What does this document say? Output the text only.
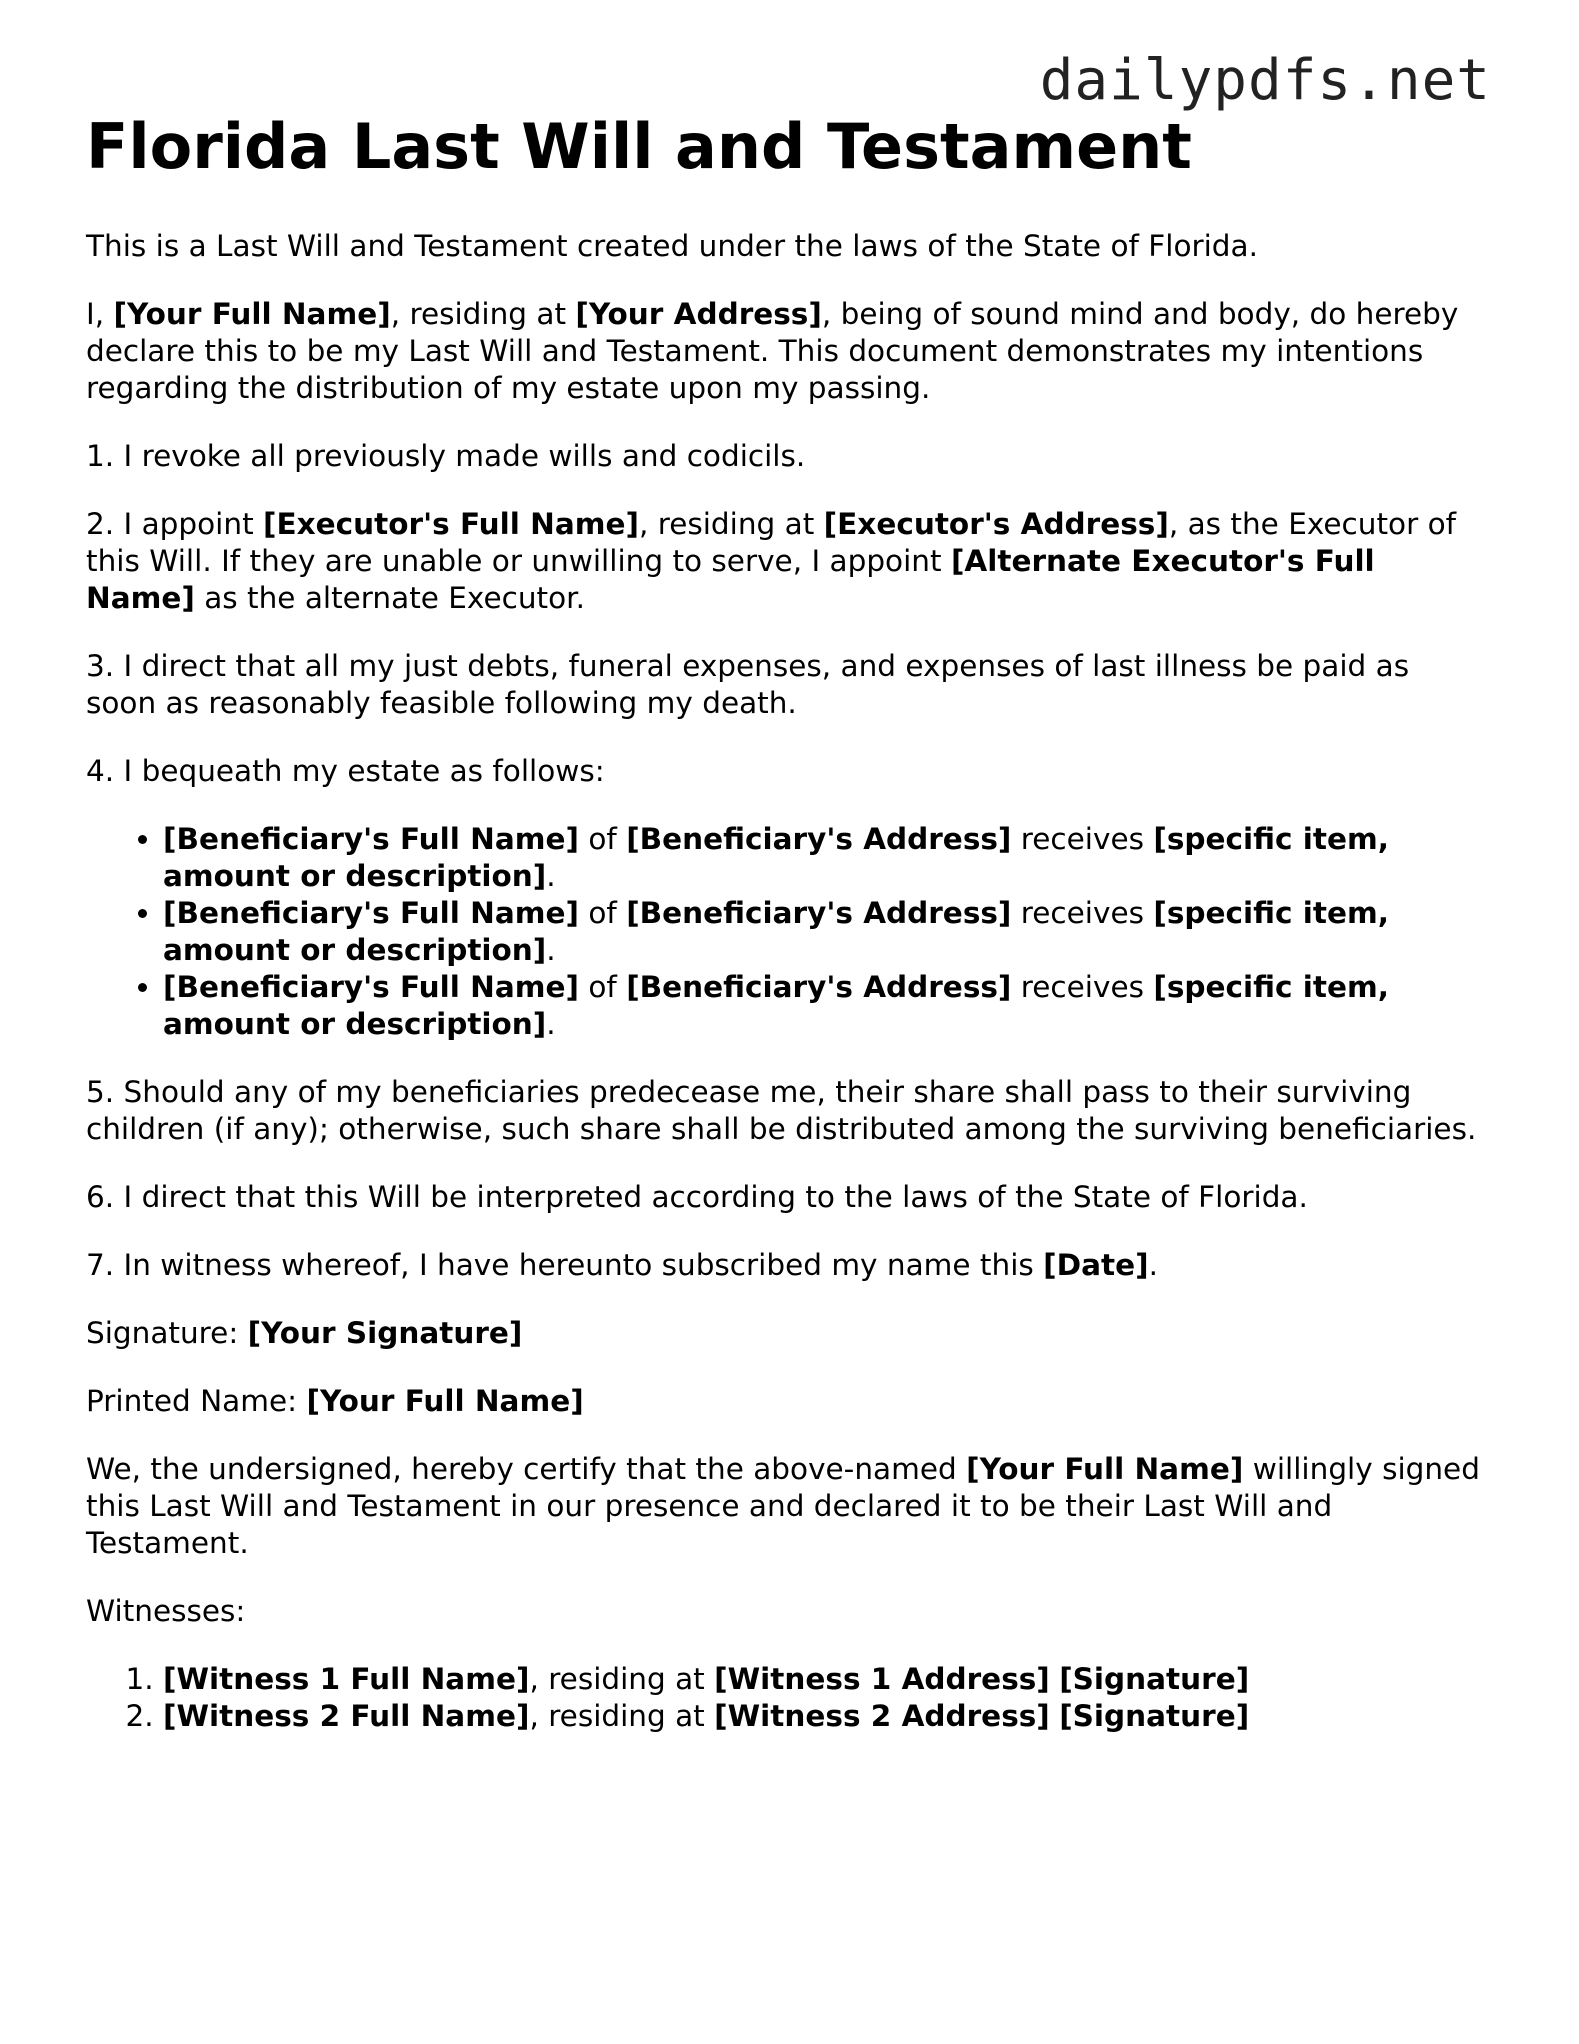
dailypdfs.net
Florida Last Will and Testament

This is a Last Will and Testament created under the laws of the State of Florida.

I, [Your Full Name], residing at [Your Address], being of sound mind and body, do hereby declare this to be my Last Will and Testament. This document demonstrates my intentions regarding the distribution of my estate upon my passing.

1. I revoke all previously made wills and codicils.

2. I appoint [Executor's Full Name], residing at [Executor's Address], as the Executor of this Will. If they are unable or unwilling to serve, I appoint [Alternate Executor's Full Name] as the alternate Executor.

3. I direct that all my just debts, funeral expenses, and expenses of last illness be paid as soon as reasonably feasible following my death.

4. I bequeath my estate as follows:

• [Beneficiary's Full Name] of [Beneficiary's Address] receives [specific item, amount or description].
• [Beneficiary's Full Name] of [Beneficiary's Address] receives [specific item, amount or description].
• [Beneficiary's Full Name] of [Beneficiary's Address] receives [specific item, amount or description].

5. Should any of my beneficiaries predecease me, their share shall pass to their surviving children (if any); otherwise, such share shall be distributed among the surviving beneficiaries.

6. I direct that this Will be interpreted according to the laws of the State of Florida.

7. In witness whereof, I have hereunto subscribed my name this [Date].

Signature: [Your Signature]

Printed Name: [Your Full Name]

We, the undersigned, hereby certify that the above-named [Your Full Name] willingly signed this Last Will and Testament in our presence and declared it to be their Last Will and Testament.

Witnesses:

1. [Witness 1 Full Name], residing at [Witness 1 Address] [Signature]
2. [Witness 2 Full Name], residing at [Witness 2 Address] [Signature]
